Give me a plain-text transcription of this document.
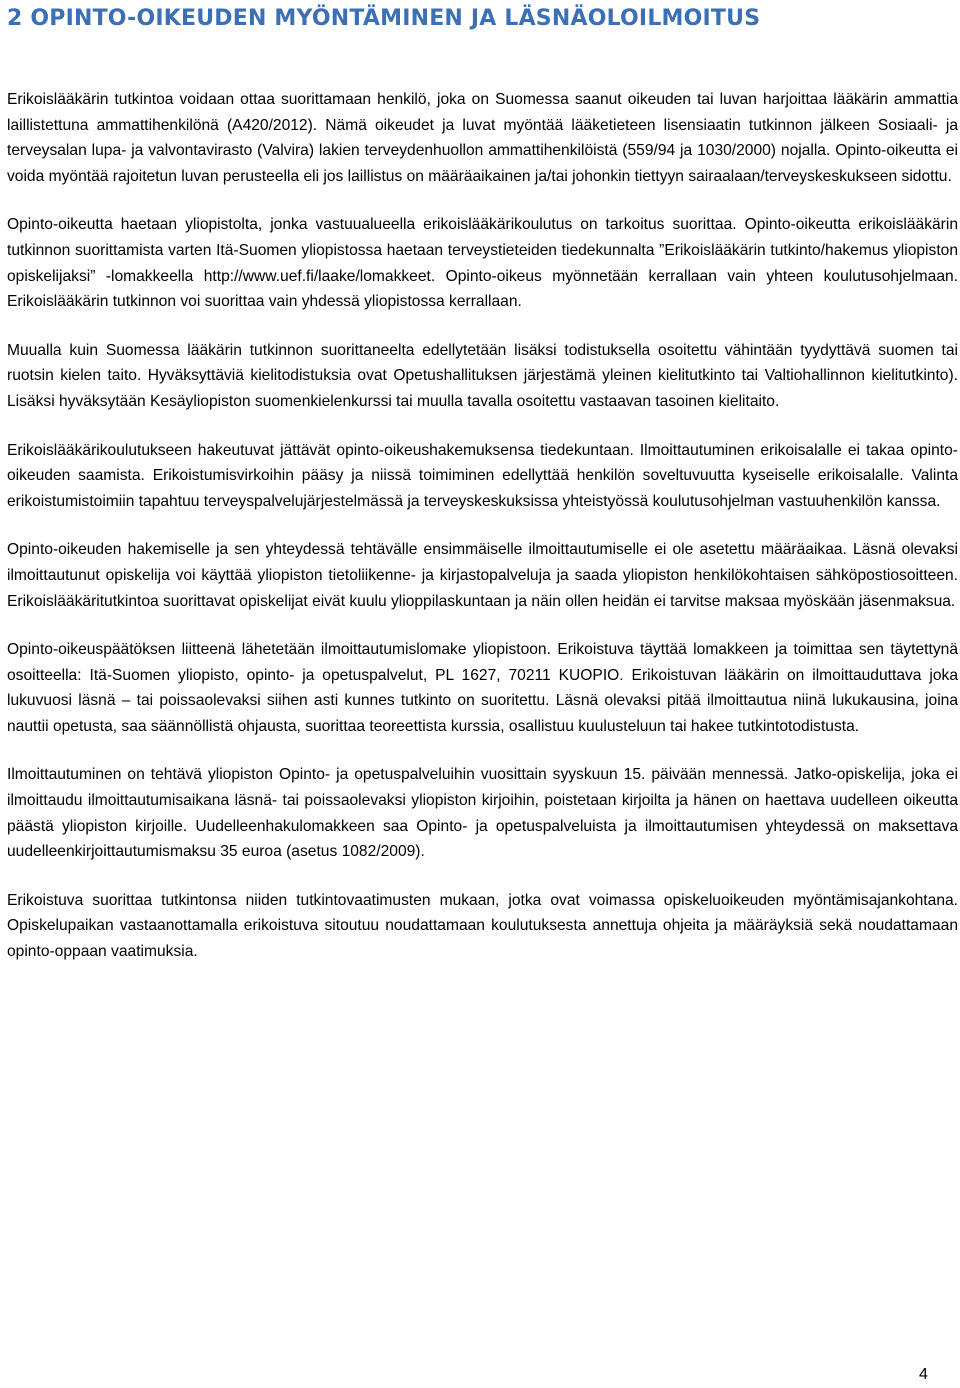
2 OPINTO-OIKEUDEN MYÖNTÄMINEN JA LÄSNÄOLOILMOITUS

Erikoislääkärin tutkintoa voidaan ottaa suorittamaan henkilö, joka on Suomessa saanut oikeuden tai luvan harjoittaa lääkärin ammattia laillistettuna ammattihenkilönä (A420/2012). Nämä oikeudet ja luvat myöntää lääketieteen lisensiaatin tutkinnon jälkeen Sosiaali- ja terveysalan lupa- ja valvontavirasto (Valvira) lakien terveydenhuollon ammattihenkilöistä (559/94 ja 1030/2000) nojalla. Opinto-oikeutta ei voida myöntää rajoitetun luvan perusteella eli jos laillistus on määräaikainen ja/tai johonkin tiettyyn sairaalaan/terveyskeskukseen sidottu.

Opinto-oikeutta haetaan yliopistolta, jonka vastuualueella erikoislääkärikoulutus on tarkoitus suorittaa. Opinto-oikeutta erikoislääkärin tutkinnon suorittamista varten Itä-Suomen yliopistossa haetaan terveystieteiden tiedekunnalta ”Erikoislääkärin tutkinto/hakemus yliopiston opiskelijaksi” -lomakkeella http://www.uef.fi/laake/lomakkeet. Opinto-oikeus myönnetään kerrallaan vain yhteen koulutusohjelmaan. Erikoislääkärin tutkinnon voi suorittaa vain yhdessä yliopistossa kerrallaan.

Muualla kuin Suomessa lääkärin tutkinnon suorittaneelta edellytetään lisäksi todistuksella osoitettu vähintään tyydyttävä suomen tai ruotsin kielen taito. Hyväksyttäviä kielitodistuksia ovat Opetushallituksen järjestämä yleinen kielitutkinto tai Valtiohallinnon kielitutkinto). Lisäksi hyväksytään Kesäyliopiston suomenkielenkurssi tai muulla tavalla osoitettu vastaavan tasoinen kielitaito.

Erikoislääkärikoulutukseen hakeutuvat jättävät opinto-oikeushakemuksensa tiedekuntaan. Ilmoittautuminen erikoisalalle ei takaa opinto-oikeuden saamista. Erikoistumisvirkoihin pääsy ja niissä toimiminen edellyttää henkilön soveltuvuutta kyseiselle erikoisalalle. Valinta erikoistumistoimiin tapahtuu terveyspalvelujärjestelmässä ja terveyskeskuksissa yhteistyössä koulutusohjelman vastuuhenkilön kanssa.

Opinto-oikeuden hakemiselle ja sen yhteydessä tehtävälle ensimmäiselle ilmoittautumiselle ei ole asetettu määräaikaa. Läsnä olevaksi ilmoittautunut opiskelija voi käyttää yliopiston tietoliikenne- ja kirjastopalveluja ja saada yliopiston henkilökohtaisen sähköpostiosoitteen. Erikoislääkäritutkintoa suorittavat opiskelijat eivät kuulu ylioppilaskuntaan ja näin ollen heidän ei tarvitse maksaa myöskään jäsenmaksua.

Opinto-oikeuspäätöksen liitteenä lähetetään ilmoittautumislomake yliopistoon. Erikoistuva täyttää lomakkeen ja toimittaa sen täytettynä osoitteella: Itä-Suomen yliopisto, opinto- ja opetuspalvelut, PL 1627, 70211 KUOPIO. Erikoistuvan lääkärin on ilmoittauduttava joka lukuvuosi läsnä – tai poissaolevaksi siihen asti kunnes tutkinto on suoritettu. Läsnä olevaksi pitää ilmoittautua niinä lukukausina, joina nauttii opetusta, saa säännöllistä ohjausta, suorittaa teoreettista kurssia, osallistuu kuulusteluun tai hakee tutkintotodistusta.

Ilmoittautuminen on tehtävä yliopiston Opinto- ja opetuspalveluihin vuosittain syyskuun 15. päivään mennessä. Jatko-opiskelija, joka ei ilmoittaudu ilmoittautumisaikana läsnä- tai poissaolevaksi yliopiston kirjoihin, poistetaan kirjoilta ja hänen on haettava uudelleen oikeutta päästä yliopiston kirjoille. Uudelleenhakulomakkeen saa Opinto- ja opetuspalveluista ja ilmoittautumisen yhteydessä on maksettava uudelleenkirjoittautumismaksu 35 euroa (asetus 1082/2009).

Erikoistuva suorittaa tutkintonsa niiden tutkintovaatimusten mukaan, jotka ovat voimassa opiskeluoikeuden myöntämisajankohtana. Opiskelupaikan vastaanottamalla erikoistuva sitoutuu noudattamaan koulutuksesta annettuja ohjeita ja määräyksiä sekä noudattamaan opinto-oppaan vaatimuksia.

4
